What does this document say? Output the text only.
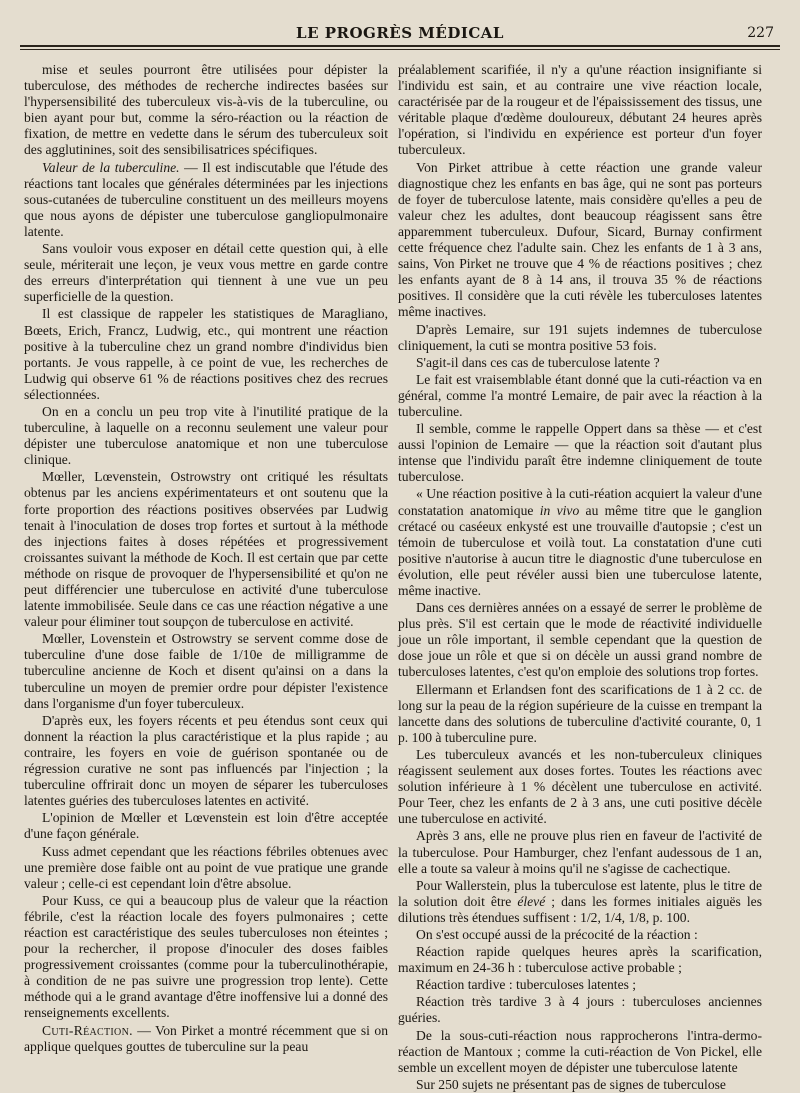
LE PROGRÈS MÉDICAL	227

mise et seules pourront être utilisées pour dépister la tuberculose, des méthodes de recherche indirectes basées sur l'hypersensibilité des tuberculeux vis-à-vis de la tuberculine, ou bien ayant pour but, comme la séro-réaction ou la réaction de fixation, de mettre en vedette dans le sérum des tuberculeux soit des agglutinines, soit des sensibilisatrices spécifiques.

Valeur de la tuberculine. — Il est indiscutable que l'étude des réactions tant locales que générales déterminées par les injections sous-cutanées de tuberculine constituent un des meilleurs moyens que nous ayons de dépister une tuberculose gangliopulmonaire latente.

Sans vouloir vous exposer en détail cette question qui, à elle seule, mériterait une leçon, je veux vous mettre en garde contre des erreurs d'interprétation qui tiennent à une vue un peu superficielle de la question.

Il est classique de rappeler les statistiques de Maragliano, Bœets, Erich, Francz, Ludwig, etc., qui montrent une réaction positive à la tuberculine chez un grand nombre d'individus bien portants. Je vous rappelle, à ce point de vue, les recherches de Ludwig qui observe 61 % de réactions positives chez des recrues sélectionnées.

On en a conclu un peu trop vite à l'inutilité pratique de la tuberculine, à laquelle on a reconnu seulement une valeur pour dépister une tuberculose anatomique et non une tuberculose clinique.

Mœller, Lœvenstein, Ostrowstry ont critiqué les résultats obtenus par les anciens expérimentateurs et ont soutenu que la forte proportion des réactions positives observées par Ludwig tenait à l'inoculation de doses trop fortes et surtout à la méthode des injections faites à doses répétées et progressivement croissantes suivant la méthode de Koch. Il est certain que par cette méthode on risque de provoquer de l'hypersensibilité et qu'on ne peut différencier une tuberculose en activité d'une tuberculose latente immobilisée. Seule dans ce cas une réaction négative a une valeur pour éliminer tout soupçon de tuberculose en activité.

Mœller, Lovenstein et Ostrowstry se servent comme dose de tuberculine d'une dose faible de 1/10e de milligramme de tuberculine ancienne de Koch et disent qu'ainsi on a dans la tuberculine un moyen de premier ordre pour dépister l'existence dans l'organisme d'un foyer tuberculeux.

D'après eux, les foyers récents et peu étendus sont ceux qui donnent la réaction la plus caractéristique et la plus rapide ; au contraire, les foyers en voie de guérison spontanée ou de régression curative ne sont pas influencés par l'injection ; la tuberculine offrirait donc un moyen de séparer les tuberculoses latentes guéries des tuberculoses latentes en activité.

L'opinion de Mœller et Lœvenstein est loin d'être acceptée d'une façon générale.

Kuss admet cependant que les réactions fébriles obtenues avec une première dose faible ont au point de vue pratique une grande valeur ; celle-ci est cependant loin d'être absolue.

Pour Kuss, ce qui a beaucoup plus de valeur que la réaction fébrile, c'est la réaction locale des foyers pulmonaires ; cette réaction est caractéristique des seules tuberculoses non éteintes ; pour la rechercher, il propose d'inoculer des doses faibles progressivement croissantes (comme pour la tuberculinothérapie, à condition de ne pas suivre une progression trop lente). Cette méthode qui a le grand avantage d'être inoffensive lui a donné des renseignements excellents.

Cuti-Réaction. — Von Pirket a montré récemment que si on applique quelques gouttes de tuberculine sur la peau

préalablement scarifiée, il n'y a qu'une réaction insignifiante si l'individu est sain, et au contraire une vive réaction locale, caractérisée par de la rougeur et de l'épaississement des tissus, une véritable plaque d'œdème douloureux, débutant 24 heures après l'opération, si l'individu en expérience est porteur d'un foyer tuberculeux.

Von Pirket attribue à cette réaction une grande valeur diagnostique chez les enfants en bas âge, qui ne sont pas porteurs de foyer de tuberculose latente, mais considère qu'elles a peu de valeur chez les adultes, dont beaucoup réagissent sans être apparemment tuberculeux. Dufour, Sicard, Burnay confirment cette fréquence chez l'adulte sain. Chez les enfants de 1 à 3 ans, sains, Von Pirket ne trouve que 4 % de réactions positives ; chez les enfants ayant de 8 à 14 ans, il trouva 35 % de réactions positives. Il considère que la cuti révèle les tuberculoses latentes même inactives.

D'après Lemaire, sur 191 sujets indemnes de tuberculose cliniquement, la cuti se montra positive 53 fois.

S'agit-il dans ces cas de tuberculose latente ?

Le fait est vraisemblable étant donné que la cuti-réaction va en général, comme l'a montré Lemaire, de pair avec la réaction à la tuberculine.

Il semble, comme le rappelle Oppert dans sa thèse — et c'est aussi l'opinion de Lemaire — que la réaction soit d'autant plus intense que l'individu paraît être indemne cliniquement de toute tuberculose.

« Une réaction positive à la cuti-réation acquiert la valeur d'une constatation anatomique in vivo au même titre que le ganglion crétacé ou caséeux enkysté est une trouvaille d'autopsie ; c'est un témoin de tuberculose et voilà tout. La constatation d'une cuti positive n'autorise à aucun titre le diagnostic d'une tuberculose en évolution, elle peut révéler aussi bien une tuberculose latente, même inactive.

Dans ces dernières années on a essayé de serrer le problème de plus près. S'il est certain que le mode de réactivité individuelle joue un rôle important, il semble cependant que la question de dose joue un rôle et que si on décèle un aussi grand nombre de tuberculoses latentes, c'est qu'on emploie des solutions trop fortes.

Ellermann et Erlandsen font des scarifications de 1 à 2 cc. de long sur la peau de la région supérieure de la cuisse en trempant la lancette dans des solutions de tuberculine d'activité courante, 0, 1 p. 100 à tuberculine pure.

Les tuberculeux avancés et les non-tuberculeux cliniques réagissent seulement aux doses fortes. Toutes les réactions avec solution inférieure à 1 % décèlent une tuberculose en activité. Pour Teer, chez les enfants de 2 à 3 ans, une cuti positive décèle une tuberculose en activité.

Après 3 ans, elle ne prouve plus rien en faveur de l'activité de la tuberculose. Pour Hamburger, chez l'enfant audessous de 1 an, elle a toute sa valeur à moins qu'il ne s'agisse de cachectique.

Pour Wallerstein, plus la tuberculose est latente, plus le titre de la solution doit être élevé ; dans les formes initiales aiguës les dilutions très étendues suffisent : 1/2, 1/4, 1/8, p. 100.

On s'est occupé aussi de la précocité de la réaction :

Réaction rapide quelques heures après la scarification, maximum en 24-36 h : tuberculose active probable ;

Réaction tardive : tuberculoses latentes ;

Réaction très tardive 3 à 4 jours : tuberculoses anciennes guéries.

De la sous-cuti-réaction nous rapprocherons l'intra-dermo-réaction de Mantoux ; comme la cuti-réaction de Von Pickel, elle semble un excellent moyen de dépister une tuberculose latente

Sur 250 sujets ne présentant pas de signes de tuberculose
